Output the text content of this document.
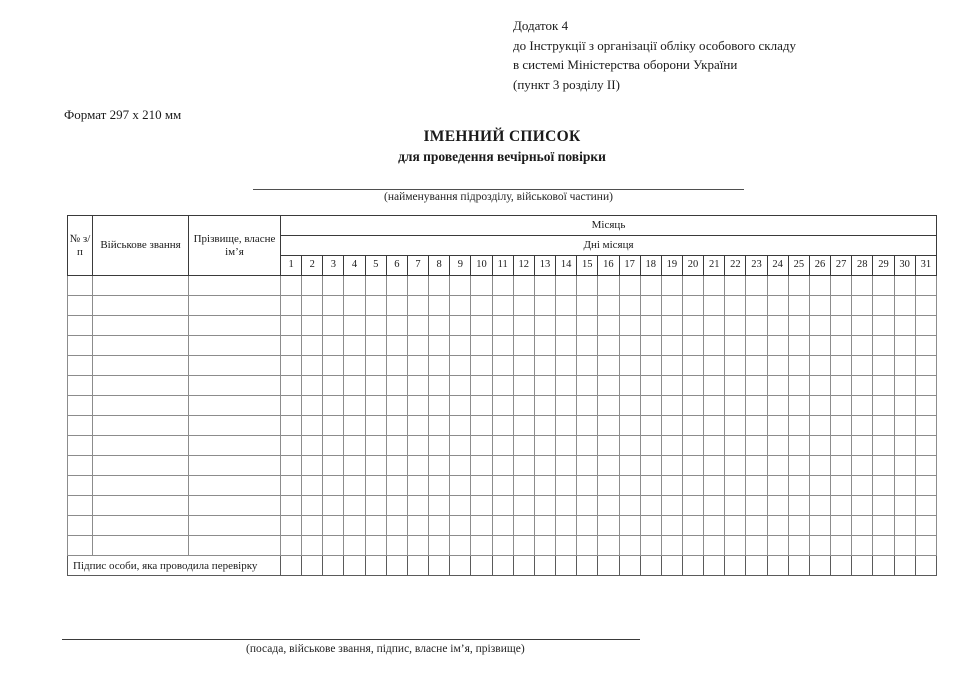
Додаток 4
до Інструкції з організації обліку особового складу
в системі Міністерства оборони України
(пункт 3 розділу II)
Формат 297 х 210 мм
ІМЕННИЙ СПИСОК
для проведення вечірньої повірки
(найменування підрозділу, військової частини)
№ з/п	Військове звання	Прізвище, власне ім’я	Місяць																														
			Дні місяця																														
			1	2	3	4	5	6	7	8	9	10	11	12	13	14	15	16	17	18	19	20	21	22	23	24	25	26	27	28	29	30	31

Підпис особи, яка проводила перевірку																																	
(посада, військове звання, підпис, власне ім’я, прізвище)
